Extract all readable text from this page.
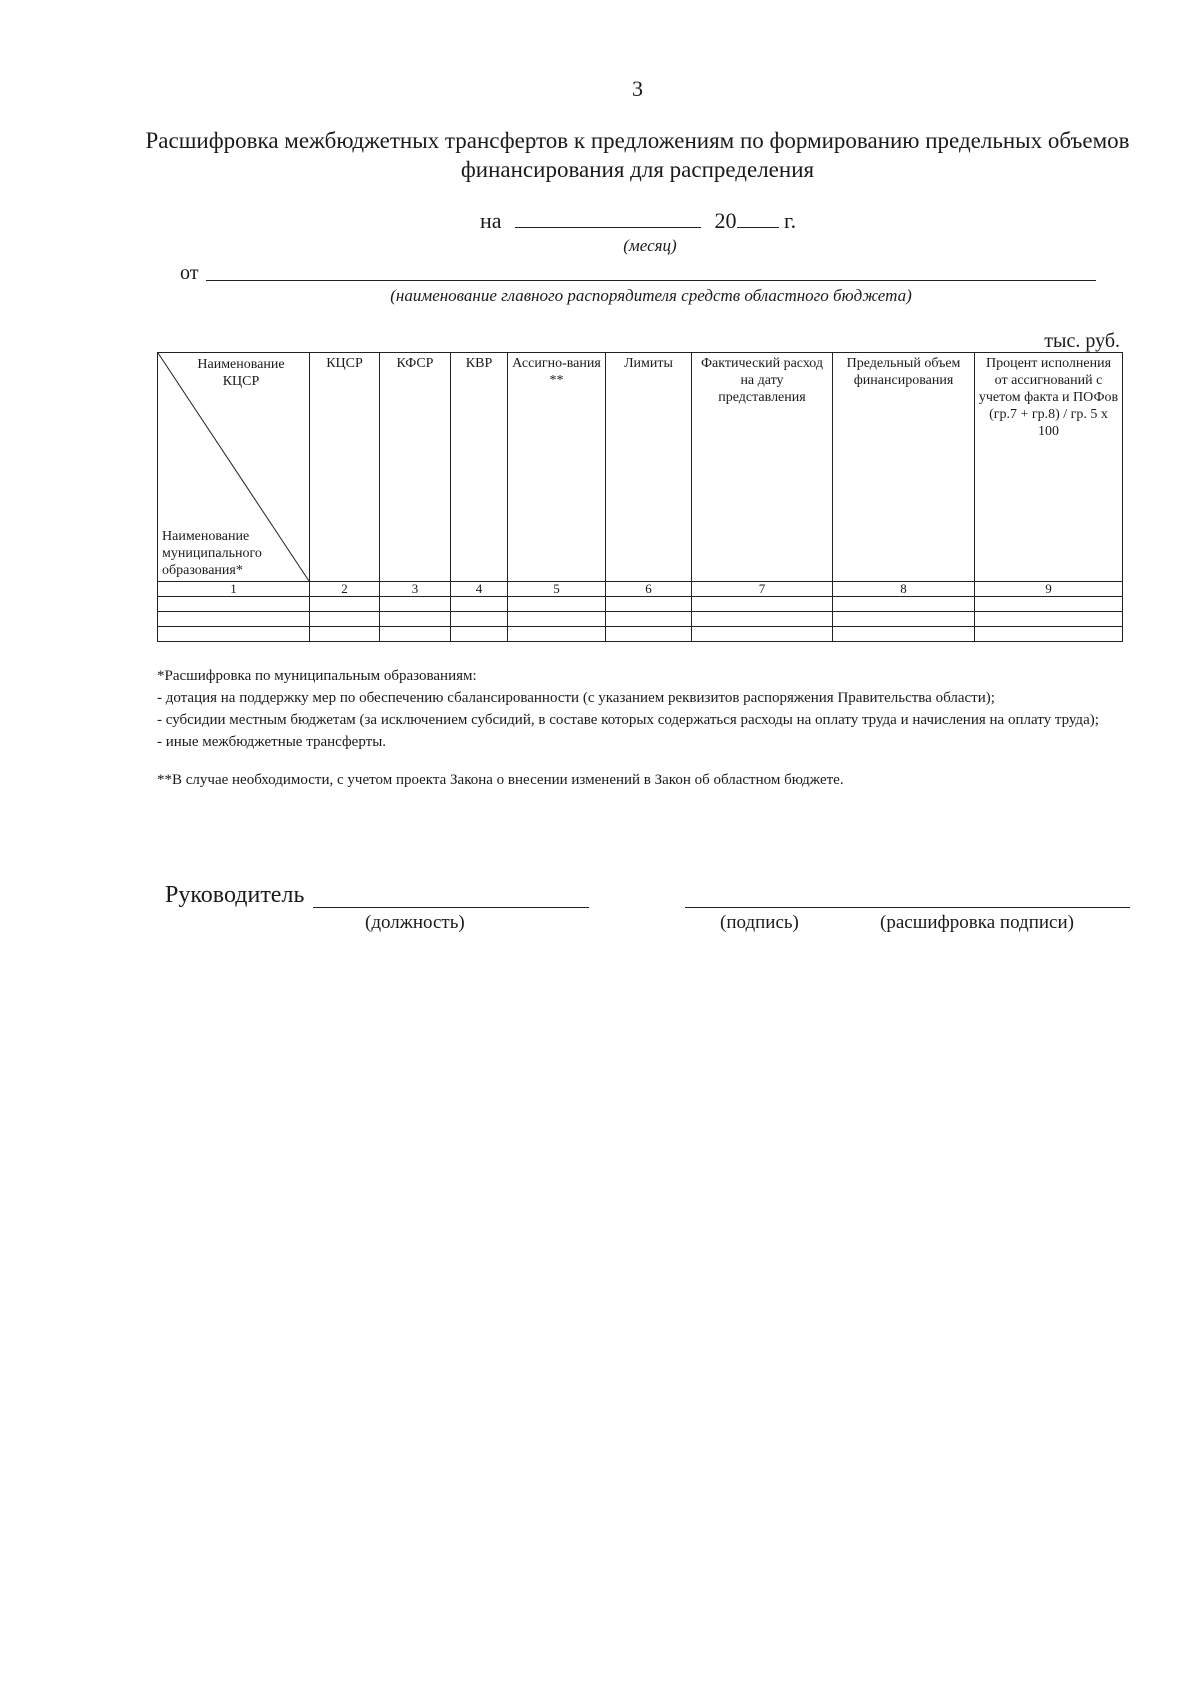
3
Расшифровка межбюджетных трансфертов к предложениям по формированию предельных объемов финансирования для распределения
на	20 г.
(месяц)
от
(наименование главного распорядителя средств областного бюджета)
тыс. руб.
Наименование КЦСР
Наименование муниципального образования*	КЦСР	КФСР	КВР	Ассигно-вания **	Лимиты	Фактический расход на дату представления	Предельный объем финансирования	Процент исполнения от ассигнований с учетом факта и ПОФов (гр.7 + гр.8) / гр. 5 х 100
1	2	3	4	5	6	7	8	9

*Расшифровка по муниципальным образованиям:

- дотация на поддержку мер по обеспечению сбалансированности (с указанием реквизитов распоряжения Правительства области);

- субсидии местным бюджетам (за исключением субсидий, в составе которых содержаться расходы на оплату труда и начисления на оплату труда);

- иные межбюджетные трансферты.

**В случае необходимости, с учетом проекта Закона о внесении изменений в Закон об областном бюджете.

Руководитель
(должность)	(подпись)	(расшифровка подписи)
